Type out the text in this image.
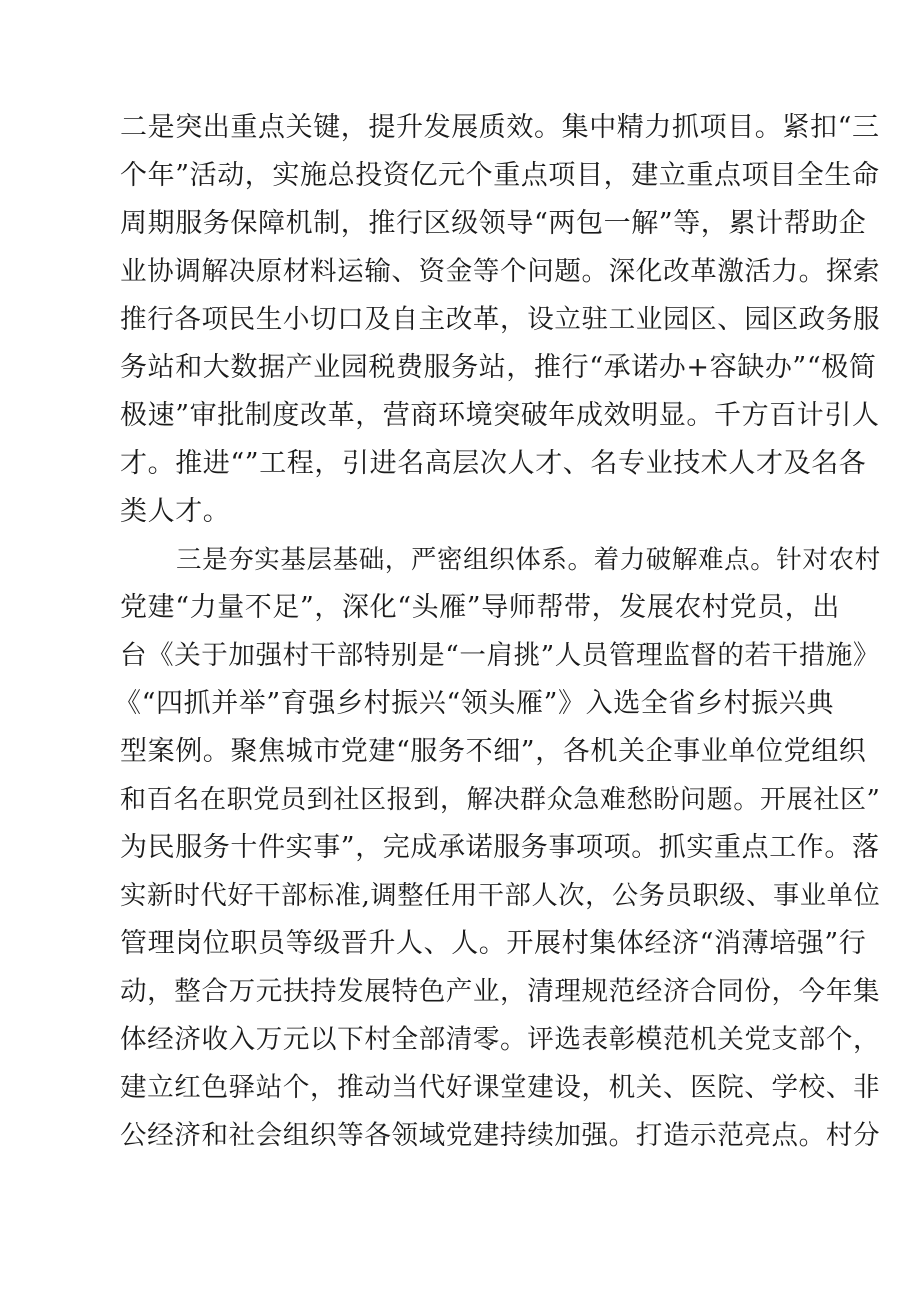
二是突出重点关键，提升发展质效。集中精力抓项目。紧扣“三
个年”活动，实施总投资亿元个重点项目，建立重点项目全生命
周期服务保障机制，推行区级领导“两包一解”等，累计帮助企
业协调解决原材料运输、资金等个问题。深化改革激活力。探索
推行各项民生小切口及自主改革，设立驻工业园区、园区政务服
务站和大数据产业园税费服务站，推行“承诺办+容缺办”“极简
极速”审批制度改革，营商环境突破年成效明显。千方百计引人
才。推进“”工程，引进名高层次人才、名专业技术人才及名各
类人才。
三是夯实基层基础，严密组织体系。着力破解难点。针对农村
党建“力量不足”，深化“头雁”导师帮带，发展农村党员，出
台《关于加强村干部特别是“一肩挑”人员管理监督的若干措施》
《“四抓并举”育强乡村振兴“领头雁”》入选全省乡村振兴典
型案例。聚焦城市党建“服务不细”，各机关企事业单位党组织
和百名在职党员到社区报到，解决群众急难愁盼问题。开展社区”
为民服务十件实事”，完成承诺服务事项项。抓实重点工作。落
实新时代好干部标准,调整任用干部人次，公务员职级、事业单位
管理岗位职员等级晋升人、人。开展村集体经济“消薄培强”行
动，整合万元扶持发展特色产业，清理规范经济合同份，今年集
体经济收入万元以下村全部清零。评选表彰模范机关党支部个，
建立红色驿站个，推动当代好课堂建设，机关、医院、学校、非
公经济和社会组织等各领域党建持续加强。打造示范亮点。村分
